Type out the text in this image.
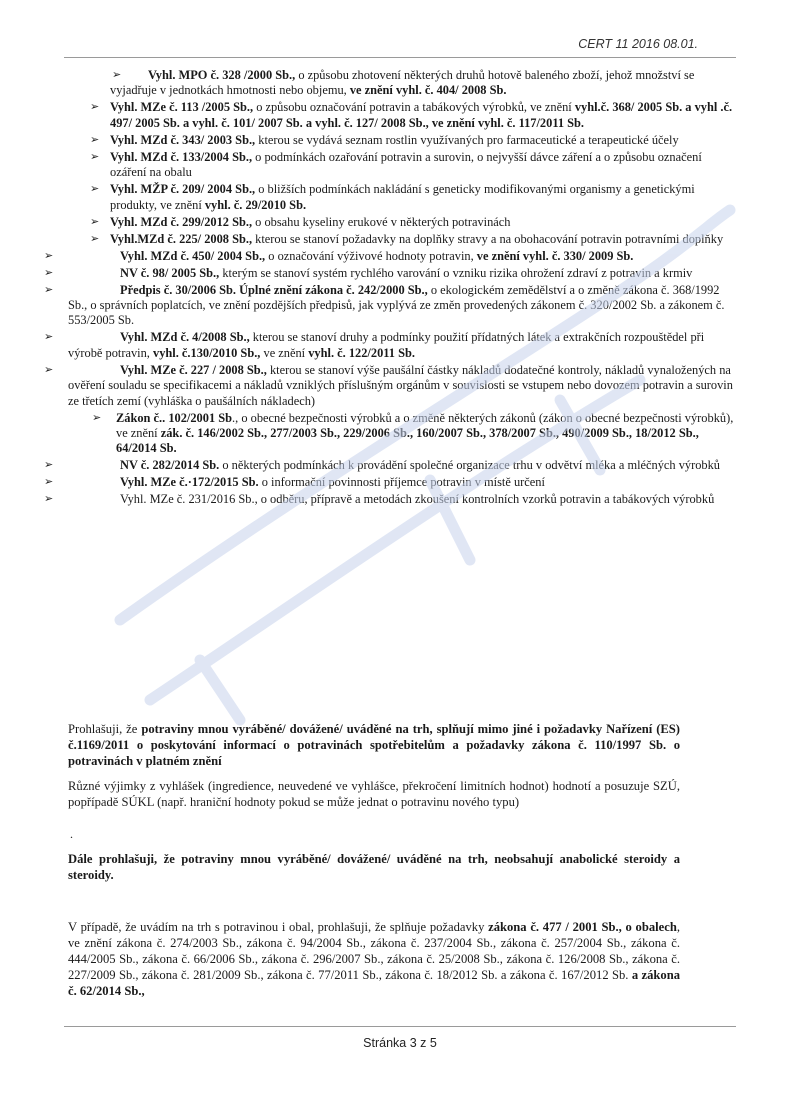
CERT 11 2016 08.01.
➢	Vyhl. MPO č. 328 /2000 Sb., o způsobu zhotovení některých druhů hotově baleného zboží, jehož množství se vyjadřuje v jednotkách hmotnosti nebo objemu, ve znění vyhl. č. 404/ 2008 Sb.
➢ Vyhl. MZe č. 113 /2005 Sb., o způsobu označování potravin a tabákových výrobků, ve znění vyhl.č. 368/ 2005 Sb. a vyhl .č. 497/ 2005 Sb. a vyhl. č. 101/ 2007 Sb. a vyhl. č. 127/ 2008 Sb., ve znění vyhl. č. 117/2011 Sb.
➢ Vyhl. MZd č. 343/ 2003 Sb., kterou se vydává seznam rostlin využívaných pro farmaceutické a terapeutické účely
➢ Vyhl. MZd č. 133/2004 Sb., o podmínkách ozařování potravin a surovin, o nejvyšší dávce záření a o způsobu označení ozáření na obalu
➢ Vyhl. MŽP č. 209/ 2004 Sb., o bližších podmínkách nakládání s geneticky modifikovanými organismy a genetickými produkty, ve znění vyhl. č. 29/2010 Sb.
➢ Vyhl. MZd č. 299/2012 Sb., o obsahu kyseliny erukové v některých potravinách
➢ Vyhl.MZd č. 225/ 2008 Sb., kterou se stanoví požadavky na doplňky stravy a na obohacování potravin potravními doplňky
➢	Vyhl. MZd č. 450/ 2004 Sb., o označování výživové hodnoty potravin, ve znění vyhl. č. 330/ 2009 Sb.
➢	NV č. 98/ 2005 Sb., kterým se stanoví systém rychlého varování o vzniku rizika ohrožení zdraví z potravin a krmiv
➢	Předpis č. 30/2006 Sb. Úplné znění zákona č. 242/2000 Sb., o ekologickém zemědělství a o změně zákona č. 368/1992 Sb., o správních poplatcích, ve znění pozdějších předpisů, jak vyplývá ze změn provedených zákonem č. 320/2002 Sb. a zákonem č. 553/2005 Sb.
➢	Vyhl. MZd č. 4/2008 Sb., kterou se stanoví druhy a podmínky použití přídatných látek a extrakčních rozpouštědel při výrobě potravin, vyhl. č.130/2010 Sb., ve znění vyhl. č. 122/2011 Sb.
➢	Vyhl. MZe č. 227 / 2008 Sb., kterou se stanoví výše paušální částky nákladů dodatečné kontroly, nákladů vynaložených na ověření souladu se specifikacemi a nákladů vzniklých příslušným orgánům v souvislosti se vstupem nebo dovozem potravin a surovin ze třetích zemí (vyhláška o paušálních nákladech)
➢ Zákon č.. 102/2001 Sb., o obecné bezpečnosti výrobků a o změně některých zákonů (zákon o obecné bezpečnosti výrobků), ve znění zák. č. 146/2002 Sb., 277/2003 Sb., 229/2006 Sb., 160/2007 Sb., 378/2007 Sb., 490/2009 Sb., 18/2012 Sb., 64/2014 Sb.
➢	NV č. 282/2014 Sb. o některých podmínkách k provádění společné organizace trhu v odvětví mléka a mléčných výrobků
➢	Vyhl. MZe č.·172/2015 Sb. o informační povinnosti příjemce potravin v místě určení
➢	Vyhl. MZe č. 231/2016 Sb., o odběru, přípravě a metodách zkoušení kontrolních vzorků potravin a tabákových výrobků

Prohlašuji, že potraviny mnou vyráběné/ dovážené/ uváděné na trh, splňují mimo jiné i požadavky Nařízení (ES) č.1169/2011 o poskytování informací o potravinách spotřebitelům a požadavky zákona č. 110/1997 Sb. o potravinách v platném znění

Různé výjimky z vyhlášek (ingredience, neuvedené ve vyhlášce, překročení limitních hodnot) hodnotí a posuzuje SZÚ, popřípadě SÚKL (např. hraniční hodnoty pokud se může jednat o potravinu nového typu)

.

Dále prohlašuji, že potraviny mnou vyráběné/ dovážené/ uváděné na trh, neobsahují anabolické steroidy a steroidy.

V případě, že uvádím na trh s potravinou i obal, prohlašuji, že splňuje požadavky zákona č. 477 / 2001 Sb., o obalech, ve znění zákona č. 274/2003 Sb., zákona č. 94/2004 Sb., zákona č. 237/2004 Sb., zákona č. 257/2004 Sb., zákona č. 444/2005 Sb., zákona č. 66/2006 Sb., zákona č. 296/2007 Sb., zákona č. 25/2008 Sb., zákona č. 126/2008 Sb., zákona č. 227/2009 Sb., zákona č. 281/2009 Sb., zákona č. 77/2011 Sb., zákona č. 18/2012 Sb. a zákona č. 167/2012 Sb. a zákona č. 62/2014 Sb.,

Stránka 3 z 5
